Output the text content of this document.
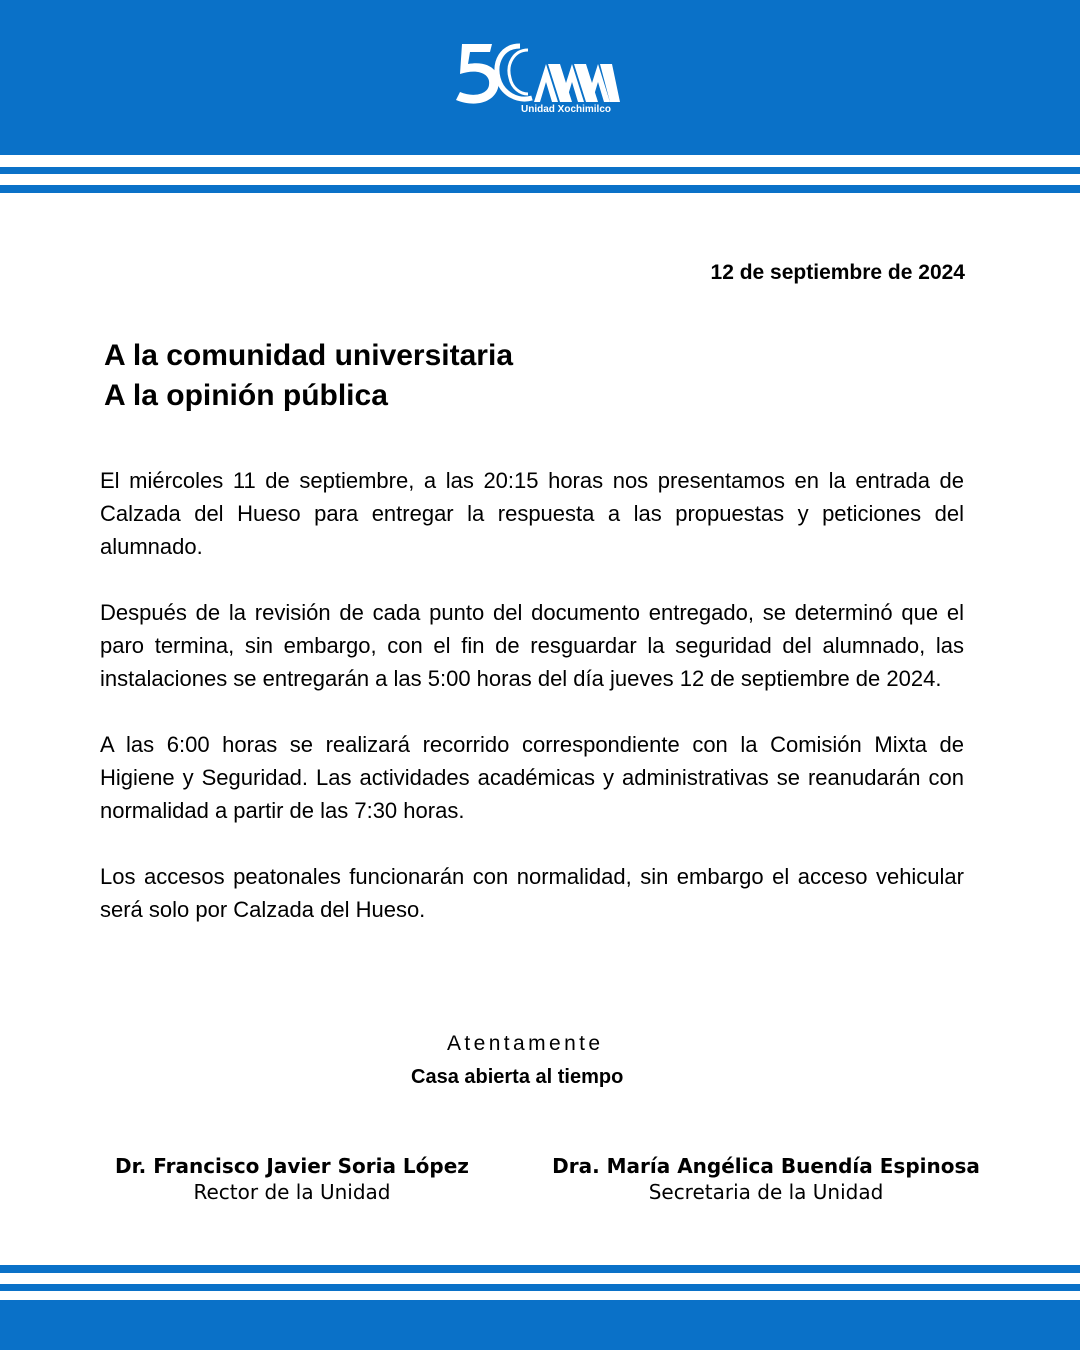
Unidad Xochimilco
12 de septiembre de 2024
A la comunidad universitaria
A la opinión pública

El miércoles 11 de septiembre, a las 20:15 horas nos presentamos en la entrada de Calzada del Hueso para entregar la respuesta a las propuestas y peticiones del alumnado.

Después de la revisión de cada punto del documento entregado, se determinó que el paro termina, sin embargo, con el fin de resguardar la seguridad del alumnado, las instalaciones se entregarán a las 5:00 horas del día jueves 12 de septiembre de 2024.

A las 6:00 horas se realizará recorrido correspondiente con la Comisión Mixta de Higiene y Seguridad. Las actividades académicas y administrativas se reanudarán con normalidad a partir de las 7:30 horas.

Los accesos peatonales funcionarán con normalidad, sin embargo el acceso vehicular será solo por Calzada del Hueso.

Atentamente
Casa abierta al tiempo
Dr. Francisco Javier Soria López
Rector de la Unidad
Dra. María Angélica Buendía Espinosa
Secretaria de la Unidad
